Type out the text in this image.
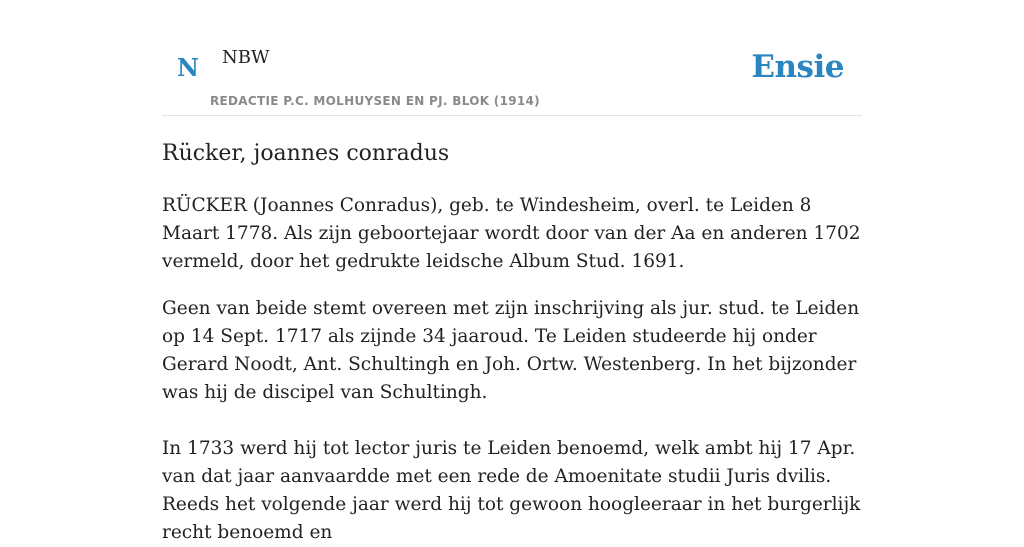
N NBW
REDACTIE P.C. MOLHUYSEN EN PJ. BLOK (1914)
Ensie
Rücker, joannes conradus

RÜCKER (Joannes Conradus), geb. te Windesheim, overl. te Leiden 8 Maart 1778. Als zijn geboortejaar wordt door van der Aa en anderen 1702 vermeld, door het gedrukte leidsche Album Stud. 1691.

Geen van beide stemt overeen met zijn inschrijving als jur. stud. te Leiden op 14 Sept. 1717 als zijnde 34 jaaroud. Te Leiden studeerde hij onder Gerard Noodt, Ant. Schultingh en Joh. Ortw. Westenberg. In het bijzonder was hij de discipel van Schultingh.

In 1733 werd hij tot lector juris te Leiden benoemd, welk ambt hij 17 Apr. van dat jaar aanvaardde met een rede de Amoenitate studii Juris dvilis. Reeds het volgende jaar werd hij tot gewoon hoogleeraar in het burgerlijk recht benoemd en
